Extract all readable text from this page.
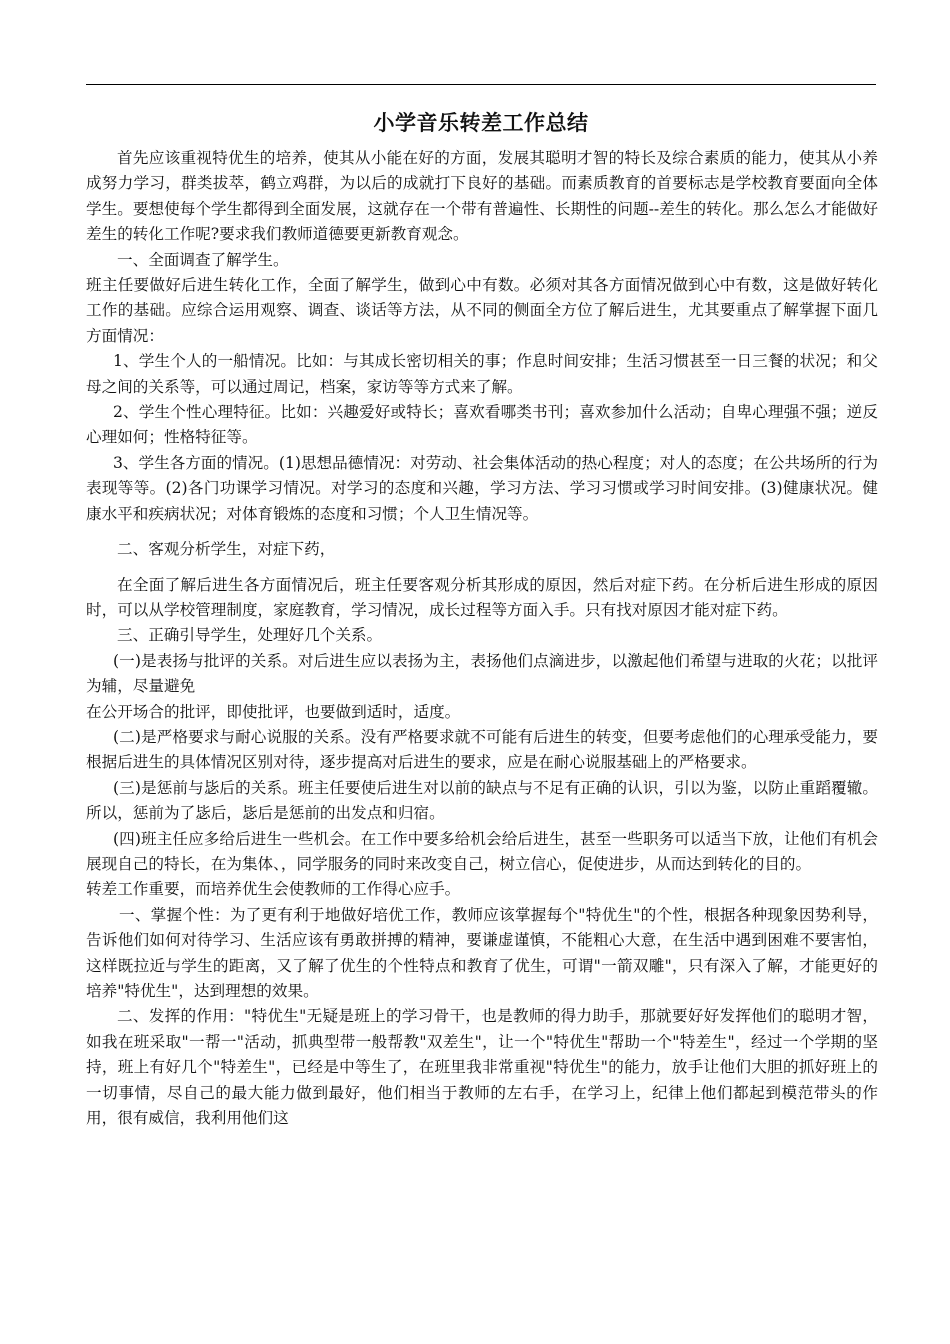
小学音乐转差工作总结

首先应该重视特优生的培养，使其从小能在好的方面，发展其聪明才智的特长及综合素质的能力，使其从小养成努力学习，群类拔萃，鹤立鸡群，为以后的成就打下良好的基础。而素质教育的首要标志是学校教育要面向全体学生。要想使每个学生都得到全面发展，这就存在一个带有普遍性、长期性的问题--差生的转化。那么怎么才能做好差生的转化工作呢?要求我们教师道德要更新教育观念。

一、全面调查了解学生。

班主任要做好后进生转化工作，全面了解学生，做到心中有数。必须对其各方面情况做到心中有数，这是做好转化工作的基础。应综合运用观察、调查、谈话等方法，从不同的侧面全方位了解后进生，尤其要重点了解掌握下面几方面情况：

1、学生个人的一船情况。比如：与其成长密切相关的事；作息时间安排；生活习惯甚至一日三餐的状况；和父母之间的关系等，可以通过周记，档案，家访等等方式来了解。

2、学生个性心理特征。比如：兴趣爱好或特长；喜欢看哪类书刊；喜欢参加什么活动；自卑心理强不强；逆反心理如何；性格特征等。

3、学生各方面的情况。(1)思想品德情况：对劳动、社会集体活动的热心程度；对人的态度；在公共场所的行为表现等等。(2)各门功课学习情况。对学习的态度和兴趣，学习方法、学习习惯或学习时间安排。(3)健康状况。健康水平和疾病状况；对体育锻炼的态度和习惯；个人卫生情况等。

二、客观分析学生，对症下药，

在全面了解后进生各方面情况后，班主任要客观分析其形成的原因，然后对症下药。在分析后进生形成的原因时，可以从学校管理制度，家庭教育，学习情况，成长过程等方面入手。只有找对原因才能对症下药。

三、正确引导学生，处理好几个关系。

(一)是表扬与批评的关系。对后进生应以表扬为主，表扬他们点滴进步，以激起他们希望与进取的火花；以批评为辅，尽量避免

在公开场合的批评，即使批评，也要做到适时，适度。

(二)是严格要求与耐心说服的关系。没有严格要求就不可能有后进生的转变，但要考虑他们的心理承受能力，要根据后进生的具体情况区别对待，逐步提高对后进生的要求，应是在耐心说服基础上的严格要求。

(三)是惩前与毖后的关系。班主任要使后进生对以前的缺点与不足有正确的认识，引以为鉴，以防止重蹈覆辙。所以，惩前为了毖后，毖后是惩前的出发点和归宿。

(四)班主任应多给后进生一些机会。在工作中要多给机会给后进生，甚至一些职务可以适当下放，让他们有机会展现自己的特长，在为集体、，同学服务的同时来改变自己，树立信心，促使进步，从而达到转化的目的。

转差工作重要，而培养优生会使教师的工作得心应手。

一、掌握个性：为了更有利于地做好培优工作，教师应该掌握每个"特优生"的个性，根据各种现象因势利导，告诉他们如何对待学习、生活应该有勇敢拼搏的精神，要谦虚谨慎，不能粗心大意，在生活中遇到困难不要害怕，这样既拉近与学生的距离，又了解了优生的个性特点和教育了优生，可谓"一箭双雕"，只有深入了解，才能更好的培养"特优生"，达到理想的效果。

二、发挥的作用："特优生"无疑是班上的学习骨干，也是教师的得力助手，那就要好好发挥他们的聪明才智，如我在班采取"一帮一"活动，抓典型带一般帮教"双差生"，让一个"特优生"帮助一个"特差生"，经过一个学期的坚持，班上有好几个"特差生"，已经是中等生了，在班里我非常重视"特优生"的能力，放手让他们大胆的抓好班上的一切事情，尽自己的最大能力做到最好，他们相当于教师的左右手，在学习上，纪律上他们都起到模范带头的作用，很有威信，我利用他们这
